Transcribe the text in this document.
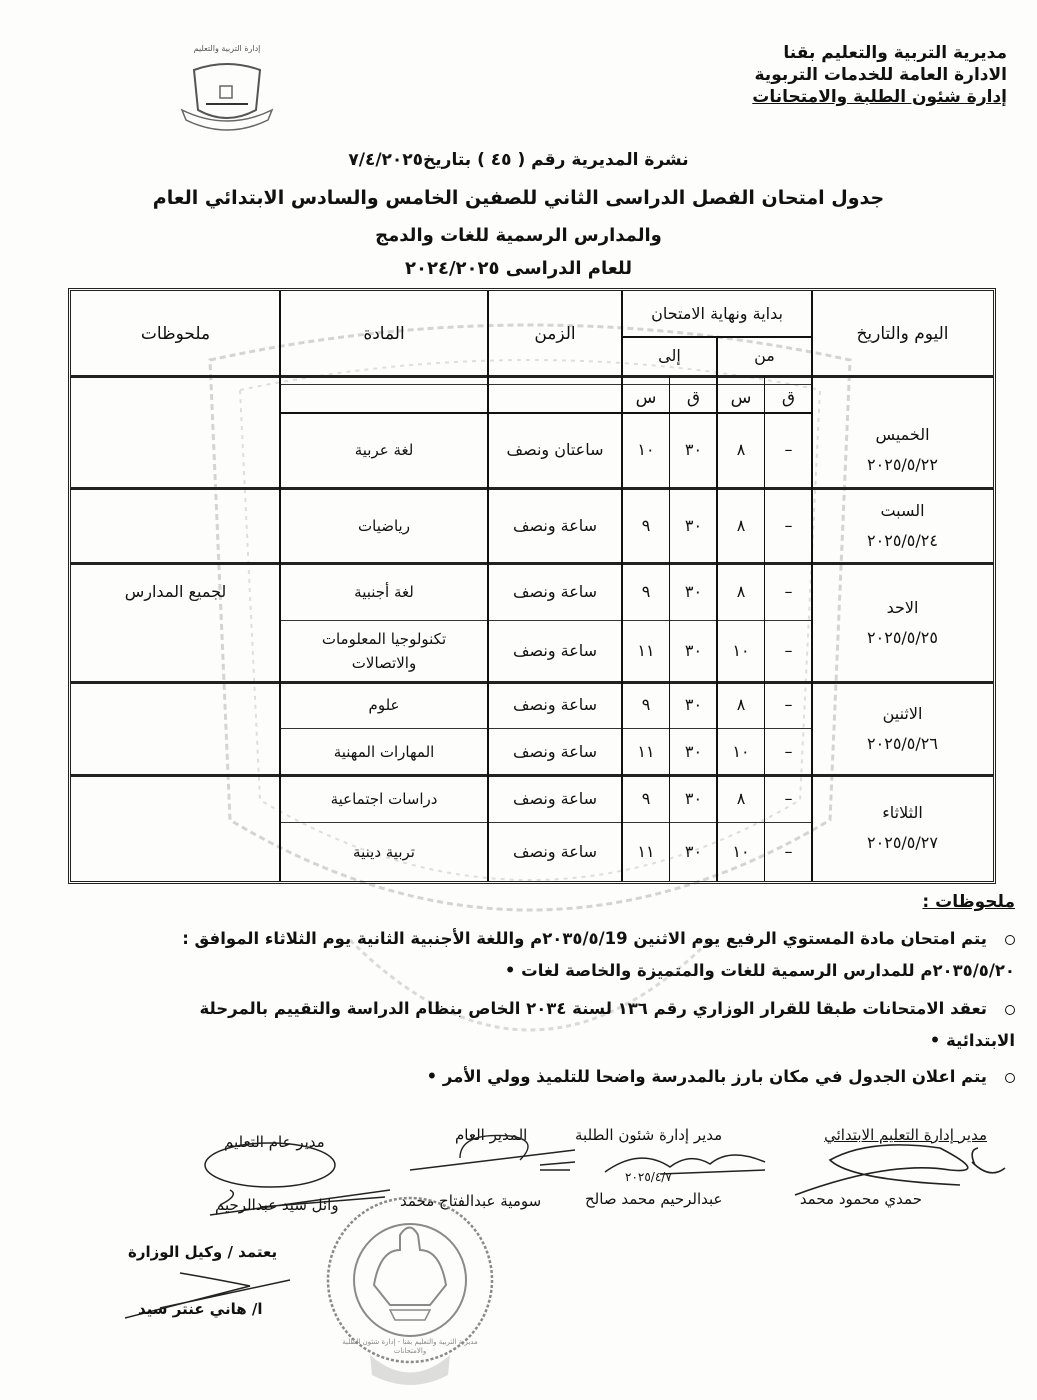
مديرية التربية والتعليم بقنا
الادارة العامة للخدمات التربوية
إدارة شئون الطلبة والامتحانات
إدارة التربية والتعليم
نشرة المديرية رقم ( ٤٥ ) بتاريخ٧/٤/٢٠٢٥
جدول امتحان الفصل الدراسى الثاني للصفين الخامس والسادس الابتدائي العام
والمدارس الرسمية للغات والدمج
للعام الدراسى ٢٠٢٤/٢٠٢٥
اليوم والتاريخ
بداية ونهاية الامتحان
من
إلى
الزمن
المادة
ملحوظات
ق
س
ق
س
الخميس
٢٠٢٥/٥/٢٢
–
٨
٣٠
١٠
ساعتان ونصف
لغة عربية
السبت
٢٠٢٥/٥/٢٤
–
٨
٣٠
٩
ساعة ونصف
رياضيات
الاحد
٢٠٢٥/٥/٢٥
لجميع المدارس	–
٨
٣٠
٩
ساعة ونصف
لغة أجنبية
–
١٠
٣٠
١١
ساعة ونصف
تكنولوجيا المعلومات والاتصالات
الاثنين
٢٠٢٥/٥/٢٦
–
٨
٣٠
٩
ساعة ونصف
علوم
–
١٠
٣٠
١١
ساعة ونصف
المهارات المهنية
الثلاثاء
٢٠٢٥/٥/٢٧
–
٨
٣٠
٩
ساعة ونصف
دراسات اجتماعية
–
١٠
٣٠
١١
ساعة ونصف
تربية دينية
ملحوظات :
يتم امتحان مادة المستوي الرفيع يوم الاثنين ٢٠٣٥/٥/19م واللغة الأجنبية الثانية يوم الثلاثاء الموافق :
٢٠٣٥/٥/٢٠م للمدارس الرسمية للغات والمتميزة والخاصة لغات •
تعقد الامتحانات طبقا للقرار الوزاري رقم ١٣٦ لسنة ٢٠٣٤ الخاص بنظام الدراسة والتقييم بالمرحلة
الابتدائية •
يتم اعلان الجدول في مكان بارز بالمدرسة واضحا للتلميذ وولي الأمر •
مدير إدارة التعليم الابتدائي
حمدي محمود محمد
مدير إدارة شئون الطلبة
٢٠٢٥/٤/٧
عبدالرحيم محمد صالح
المدير العام
سومية عبدالفتاح محمد
مدير عام التعليم
وائل سيد عبدالرحيم
يعتمد / وكيل الوزارة
ا/ هاني عنتر سيد
مديرية التربية والتعليم بقنا - إدارة شئون الطلبة والامتحانات
